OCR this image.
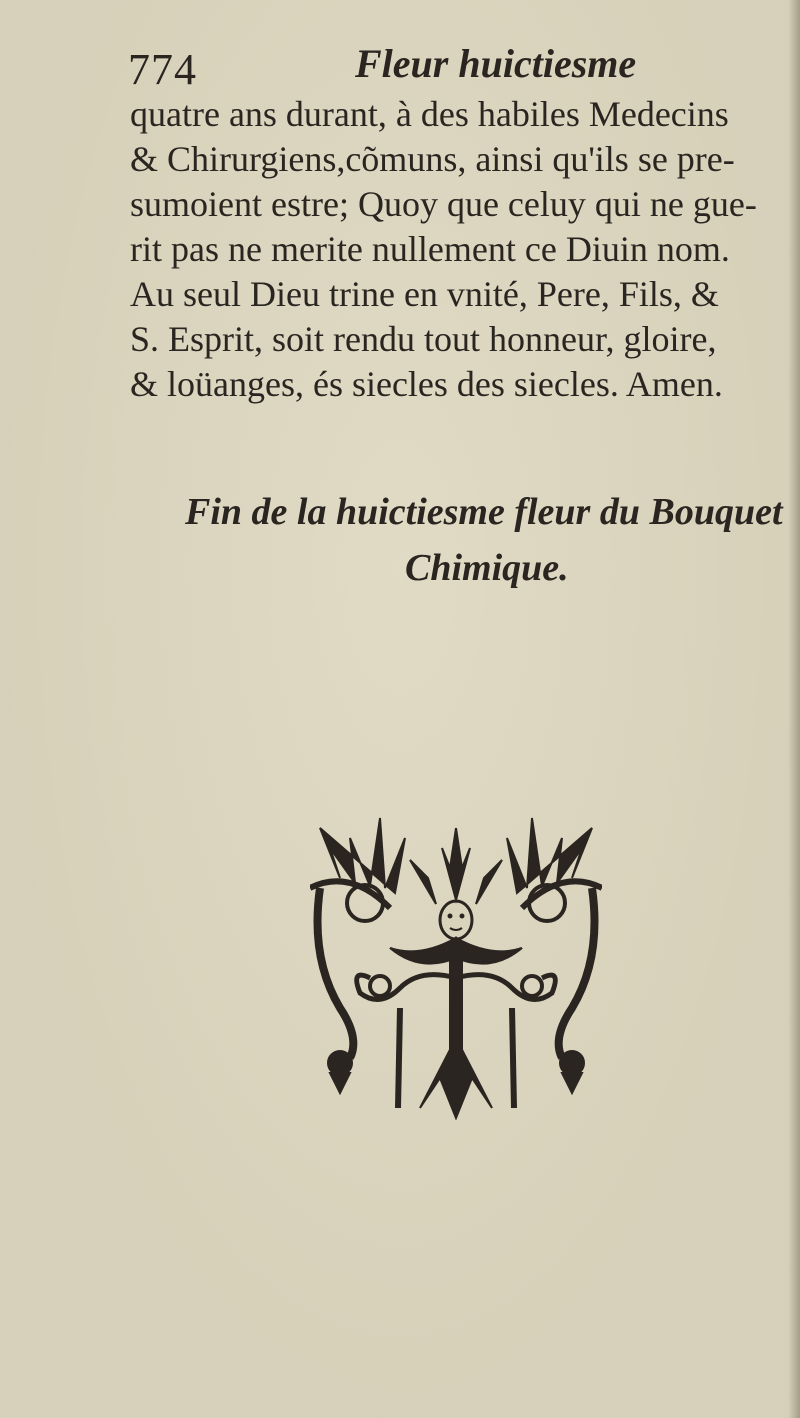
774	Fleur huictiesme
quatre ans durant, à des habiles Medecins
& Chirurgiens,cõmuns, ainsi qu'ils se pre-
sumoient estre; Quoy que celuy qui ne gue-
rit pas ne merite nullement ce Diuin nom.
Au seul Dieu trine en vnité, Pere, Fils, &
S. Esprit, soit rendu tout honneur, gloire,
& loüanges, és siecles des siecles. Amen.
Fin de la huictiesme fleur du Bouquet
Chimique.
